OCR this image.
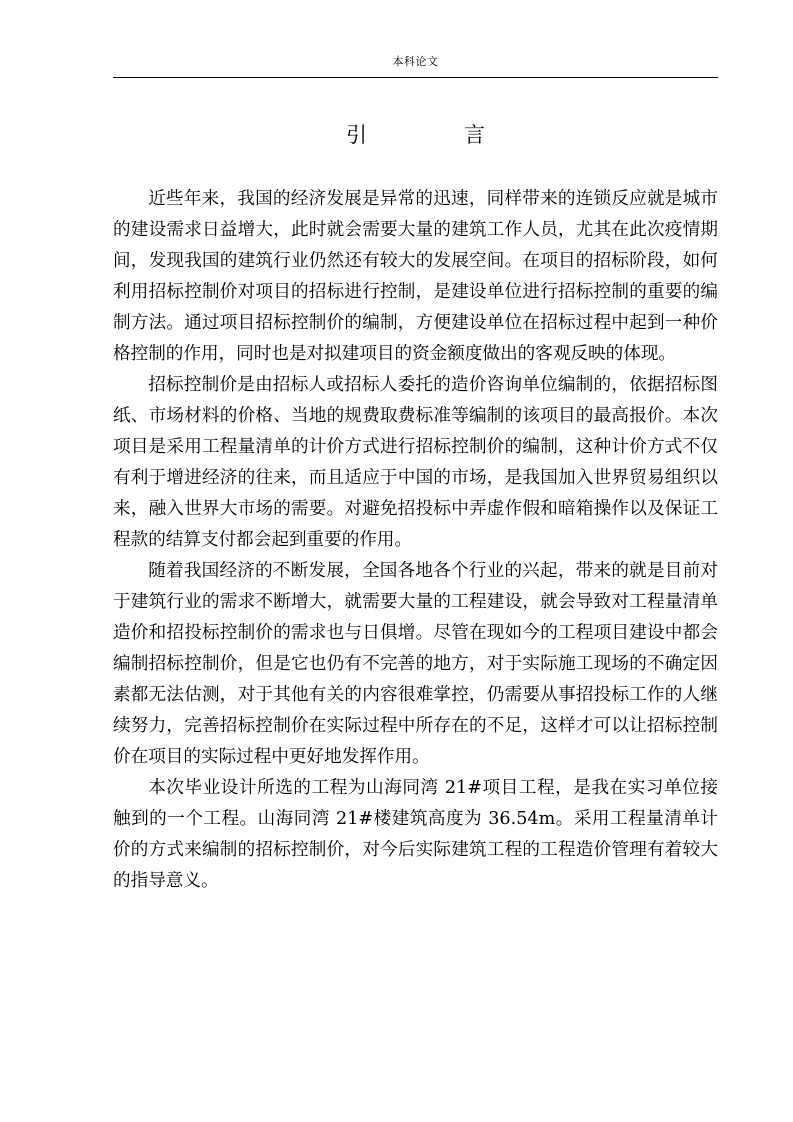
本科论文
引　言

近些年来，我国的经济发展是异常的迅速，同样带来的连锁反应就是城市的建设需求日益增大，此时就会需要大量的建筑工作人员，尤其在此次疫情期间，发现我国的建筑行业仍然还有较大的发展空间。在项目的招标阶段，如何利用招标控制价对项目的招标进行控制，是建设单位进行招标控制的重要的编制方法。通过项目招标控制价的编制，方便建设单位在招标过程中起到一种价格控制的作用，同时也是对拟建项目的资金额度做出的客观反映的体现。

招标控制价是由招标人或招标人委托的造价咨询单位编制的，依据招标图纸、市场材料的价格、当地的规费取费标准等编制的该项目的最高报价。本次项目是采用工程量清单的计价方式进行招标控制价的编制，这种计价方式不仅有利于增进经济的往来，而且适应于中国的市场，是我国加入世界贸易组织以来，融入世界大市场的需要。对避免招投标中弄虚作假和暗箱操作以及保证工程款的结算支付都会起到重要的作用。

随着我国经济的不断发展，全国各地各个行业的兴起，带来的就是目前对于建筑行业的需求不断增大，就需要大量的工程建设，就会导致对工程量清单造价和招投标控制价的需求也与日俱增。尽管在现如今的工程项目建设中都会编制招标控制价，但是它也仍有不完善的地方，对于实际施工现场的不确定因素都无法估测，对于其他有关的内容很难掌控，仍需要从事招投标工作的人继续努力，完善招标控制价在实际过程中所存在的不足，这样才可以让招标控制价在项目的实际过程中更好地发挥作用。

本次毕业设计所选的工程为山海同湾 21#项目工程，是我在实习单位接触到的一个工程。山海同湾 21#楼建筑高度为 36.54m。采用工程量清单计价的方式来编制的招标控制价，对今后实际建筑工程的工程造价管理有着较大的指导意义。
